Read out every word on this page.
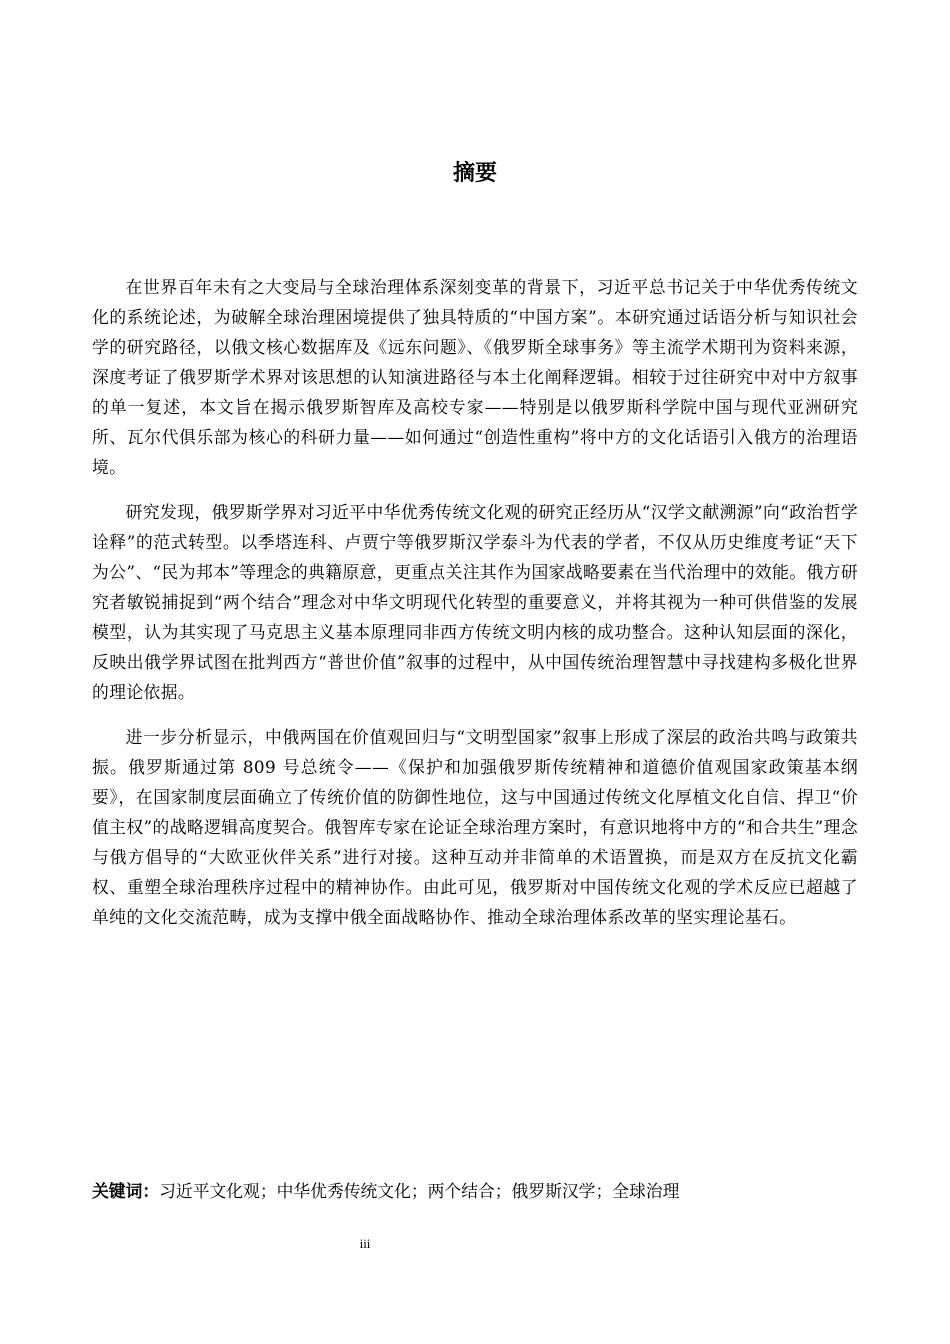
摘要

在世界百年未有之大变局与全球治理体系深刻变革的背景下，习近平总书记关于中华优秀传统文化的系统论述，为破解全球治理困境提供了独具特质的“中国方案”。本研究通过话语分析与知识社会学的研究路径，以俄文核心数据库及《远东问题》、《俄罗斯全球事务》等主流学术期刊为资料来源，深度考证了俄罗斯学术界对该思想的认知演进路径与本土化阐释逻辑。相较于过往研究中对中方叙事的单一复述，本文旨在揭示俄罗斯智库及高校专家——特别是以俄罗斯科学院中国与现代亚洲研究所、瓦尔代俱乐部为核心的科研力量——如何通过“创造性重构”将中方的文化话语引入俄方的治理语境。

研究发现，俄罗斯学界对习近平中华优秀传统文化观的研究正经历从“汉学文献溯源”向“政治哲学诠释”的范式转型。以季塔连科、卢贾宁等俄罗斯汉学泰斗为代表的学者，不仅从历史维度考证“天下为公”、“民为邦本”等理念的典籍原意，更重点关注其作为国家战略要素在当代治理中的效能。俄方研究者敏锐捕捉到“两个结合”理念对中华文明现代化转型的重要意义，并将其视为一种可供借鉴的发展模型，认为其实现了马克思主义基本原理同非西方传统文明内核的成功整合。这种认知层面的深化，反映出俄学界试图在批判西方“普世价值”叙事的过程中，从中国传统治理智慧中寻找建构多极化世界的理论依据。

进一步分析显示，中俄两国在价值观回归与“文明型国家”叙事上形成了深层的政治共鸣与政策共振。俄罗斯通过第 809 号总统令——《保护和加强俄罗斯传统精神和道德价值观国家政策基本纲要》，在国家制度层面确立了传统价值的防御性地位，这与中国通过传统文化厚植文化自信、捍卫“价值主权”的战略逻辑高度契合。俄智库专家在论证全球治理方案时，有意识地将中方的“和合共生”理念与俄方倡导的“大欧亚伙伴关系”进行对接。这种互动并非简单的术语置换，而是双方在反抗文化霸权、重塑全球治理秩序过程中的精神协作。由此可见，俄罗斯对中国传统文化观的学术反应已超越了单纯的文化交流范畴，成为支撑中俄全面战略协作、推动全球治理体系改革的坚实理论基石。

关键词：习近平文化观；中华优秀传统文化；两个结合；俄罗斯汉学；全球治理
iii
